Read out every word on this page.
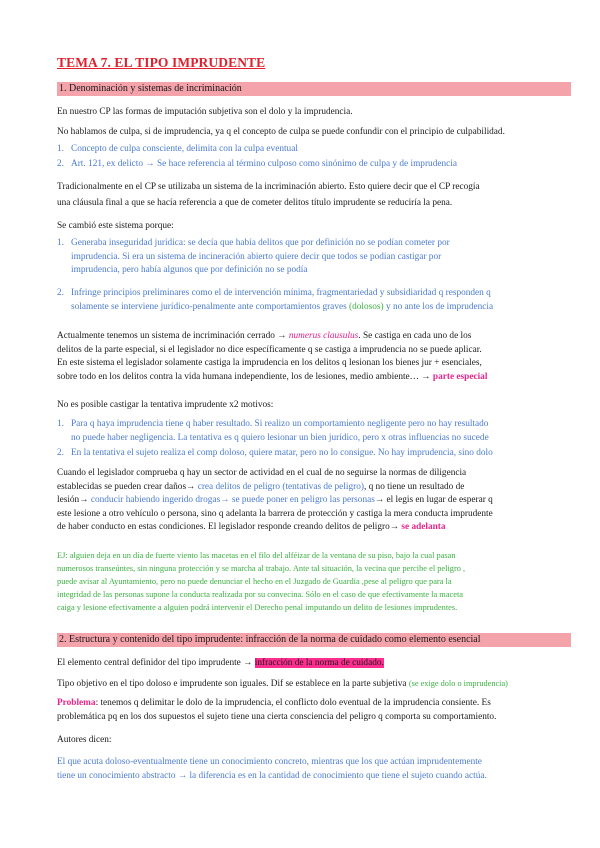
TEMA 7. EL TIPO IMPRUDENTE
1. Denominación y sistemas de incriminación
En nuestro CP las formas de imputación subjetiva son el dolo y la imprudencia.
No hablamos de culpa, si de imprudencia, ya q el concepto de culpa se puede confundir con el principio de culpabilidad.
1. Concepto de culpa consciente, delimita con la culpa eventual
2. Art. 121, ex delicto → Se hace referencia al término culposo como sinónimo de culpa y de imprudencia
Tradicionalmente en el CP se utilizaba un sistema de la incriminación abierto. Esto quiere decir que el CP recogía
una cláusula final a que se hacía referencia a que de cometer delitos título imprudente se reduciría la pena.
Se cambió este sistema porque:
1. Generaba inseguridad jurídica: se decía que había delitos que por definición no se podían cometer por
imprudencia. Si era un sistema de incineración abierto quiere decir que todos se podían castigar por
imprudencia, pero había algunos que por definición no se podía
2. Infringe principios preliminares como el de intervención mínima, fragmentariedad y subsidiaridad q responden q
solamente se interviene jurídico-penalmente ante comportamientos graves (dolosos) y no ante los de imprudencia
Actualmente tenemos un sistema de incriminación cerrado → numerus clausulus. Se castiga en cada uno de los
delitos de la parte especial, si el legislador no dice específicamente q se castiga a imprudencia no se puede aplicar.
En este sistema el legislador solamente castiga la imprudencia en los delitos q lesionan los bienes jur + esenciales,
sobre todo en los delitos contra la vida humana independiente, los de lesiones, medio ambiente… → parte especial
No es posible castigar la tentativa imprudente x2 motivos:
1. Para q haya imprudencia tiene q haber resultado. Si realizo un comportamiento negligente pero no hay resultado
no puede haber negligencia. La tentativa es q quiero lesionar un bien jurídico, pero x otras influencias no sucede
2. En la tentativa el sujeto realiza el comp doloso, quiere matar, pero no lo consigue. No hay imprudencia, sino dolo
Cuando el legislador comprueba q hay un sector de actividad en el cual de no seguirse la normas de diligencia
establecidas se pueden crear daños→ crea delitos de peligro (tentativas de peligro), q no tiene un resultado de
lesión→ conducir habiendo ingerido drogas→ se puede poner en peligro las personas→ el legis en lugar de esperar q
este lesione a otro vehículo o persona, sino q adelanta la barrera de protección y castiga la mera conducta imprudente
de haber conducto en estas condiciones. El legislador responde creando delitos de peligro→ se adelanta
EJ: alguien deja en un día de fuerte viento las macetas en el filo del alféizar de la ventana de su piso, bajo la cual pasan
numerosos transeúntes, sin ninguna protección y se marcha al trabajo. Ante tal situación, la vecina que percibe el peligro ,
puede avisar al Ayuntamiento, pero no puede denunciar el hecho en el Juzgado de Guardia ,pese al peligro que para la
integridad de las personas supone la conducta realizada por su convecina. Sólo en el caso de que efectivamente la maceta
caiga y lesione efectivamente a alguien podrá intervenir el Derecho penal imputando un delito de lesiones imprudentes.
2. Estructura y contenido del tipo imprudente: infracción de la norma de cuidado como elemento esencial
El elemento central definidor del tipo imprudente → infracción de la norma de cuidado.
Tipo objetivo en el tipo doloso e imprudente son iguales. Dif se establece en la parte subjetiva (se exige dolo o imprudencia)
Problema: tenemos q delimitar le dolo de la imprudencia, el conflicto dolo eventual de la imprudencia consiente. Es
problemática pq en los dos supuestos el sujeto tiene una cierta consciencia del peligro q comporta su comportamiento.
Autores dicen:
El que acuta doloso-eventualmente tiene un conocimiento concreto, mientras que los que actúan imprudentemente
tiene un conocimiento abstracto → la diferencia es en la cantidad de conocimiento que tiene el sujeto cuando actúa.
